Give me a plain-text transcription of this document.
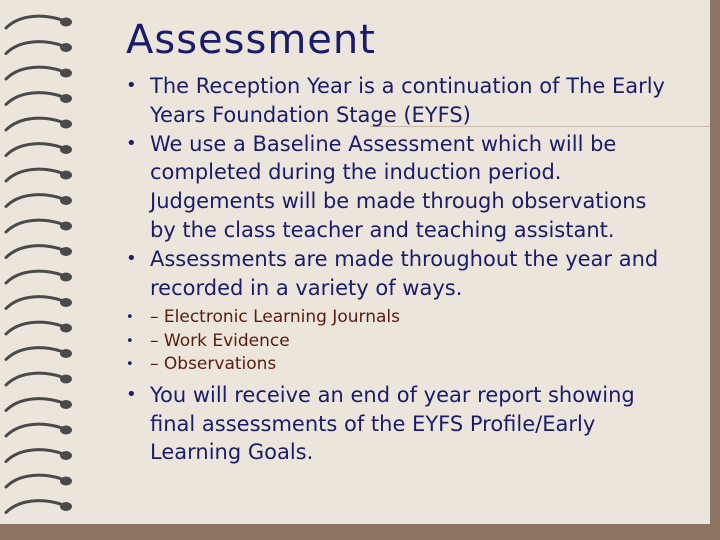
Assessment
• The Reception Year is a continuation of The Early Years Foundation Stage (EYFS)
• We use a Baseline Assessment which will be completed during the induction period. Judgements will be made through observations by the class teacher and teaching assistant.
• Assessments are made throughout the year and recorded in a variety of ways.
• – Electronic Learning Journals
• – Work Evidence
• – Observations
• You will receive an end of year report showing final assessments of the EYFS Profile/Early Learning Goals.
